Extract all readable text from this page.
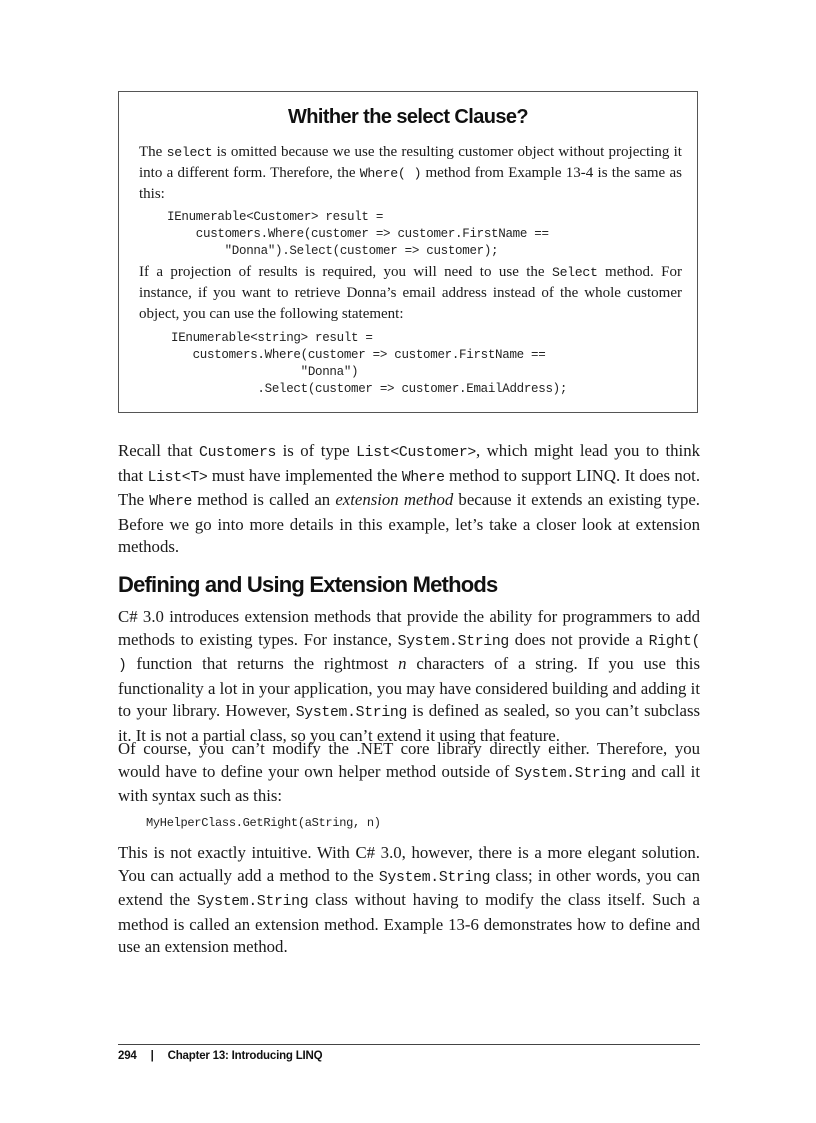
Whither the select Clause?

The select is omitted because we use the resulting customer object without projecting it into a different form. Therefore, the Where( ) method from Example 13-4 is the same as this:

IEnumerable<Customer> result =
customers.Where(customer => customer.FirstName ==
"Donna").Select(customer => customer);

If a projection of results is required, you will need to use the Select method. For instance, if you want to retrieve Donna’s email address instead of the whole customer object, you can use the following statement:

IEnumerable<string> result =
customers.Where(customer => customer.FirstName ==
"Donna")
.Select(customer => customer.EmailAddress);

Recall that Customers is of type List<Customer>, which might lead you to think that List<T> must have implemented the Where method to support LINQ. It does not. The Where method is called an extension method because it extends an existing type. Before we go into more details in this example, let’s take a closer look at extension methods.

Defining and Using Extension Methods

C# 3.0 introduces extension methods that provide the ability for programmers to add methods to existing types. For instance, System.String does not provide a Right( ) function that returns the rightmost n characters of a string. If you use this functionality a lot in your application, you may have considered building and adding it to your library. However, System.String is defined as sealed, so you can’t subclass it. It is not a partial class, so you can’t extend it using that feature.

Of course, you can’t modify the .NET core library directly either. Therefore, you would have to define your own helper method outside of System.String and call it with syntax such as this:

MyHelperClass.GetRight(aString, n)

This is not exactly intuitive. With C# 3.0, however, there is a more elegant solution. You can actually add a method to the System.String class; in other words, you can extend the System.String class without having to modify the class itself. Such a method is called an extension method. Example 13-6 demonstrates how to define and use an extension method.

294 | Chapter 13: Introducing LINQ
